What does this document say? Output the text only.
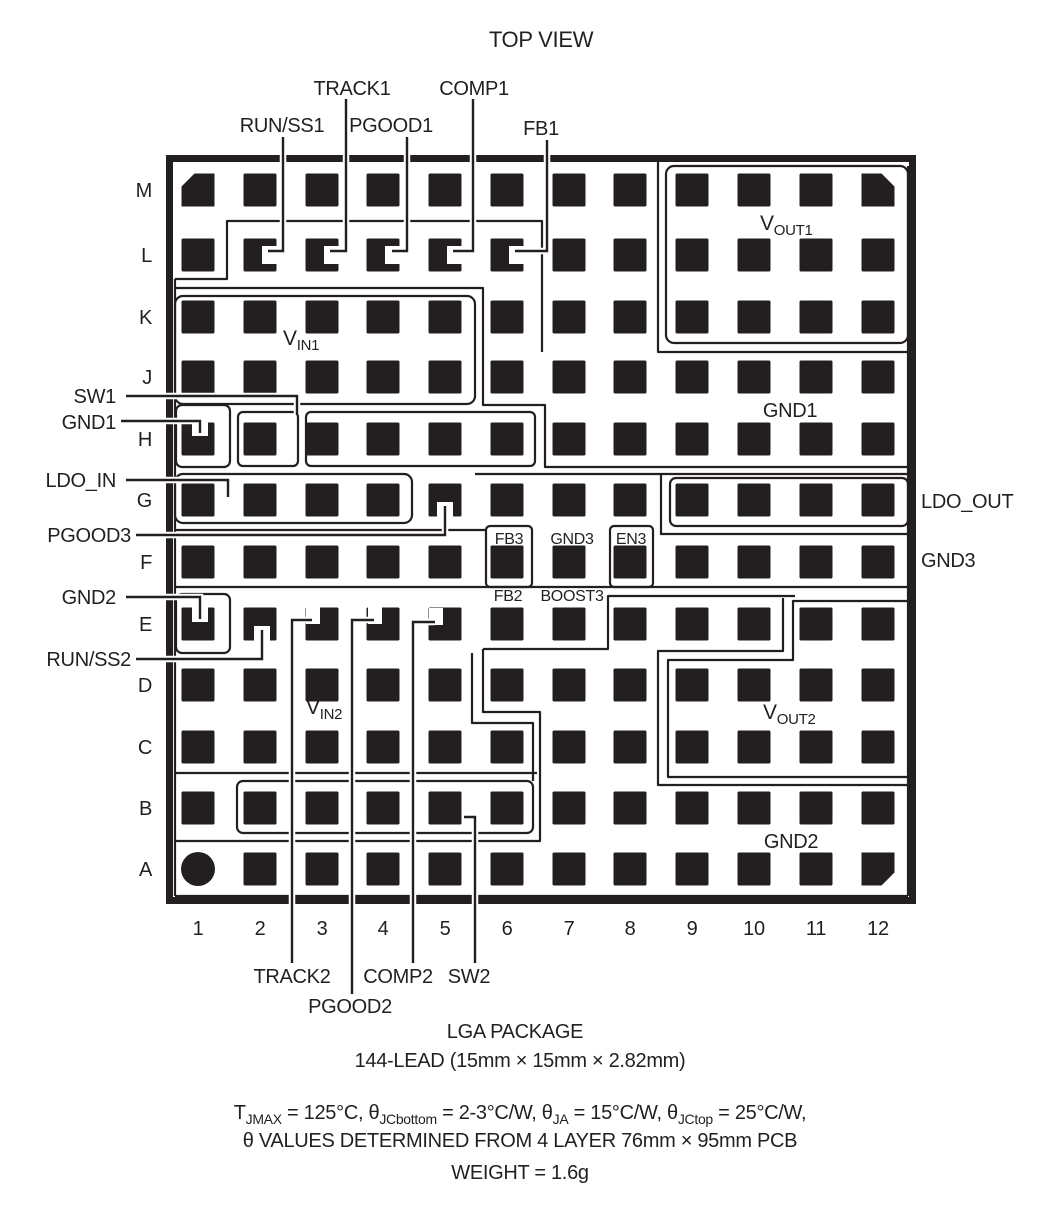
M
L
K
J
H
G
F
E
D
C
B
A
1	2	3	4	5	6	7	8	9 10 11 12
TOP VIEW
TRACK1 COMP1
RUN/SS1 PGOOD1	FB1
SW1
GND1
LDO_IN
PGOOD3
GND2
RUN/SS2
LDO_OUT
GND3
FB3 GND3 EN3
FB2 BOOST3
$V_{OUT1}$
$V_{IN1}$
GND1
$V_{IN2}$	$V_{OUT2}$
GND2
TRACK2 COMP2 SW2
PGOOD2
LGA PACKAGE
144-LEAD (15mm × 15mm × 2.82mm)
$T_{JMAX} = 125^\circ C$, $\theta_{JCbottom} = 2-3^\circ C/W$, $\theta_{JA} = 15^\circ C/W$, $\theta_{JCtop} = 25^\circ C/W$,
θ VALUES DETERMINED FROM 4 LAYER 76mm × 95mm PCB
WEIGHT = 1.6g
